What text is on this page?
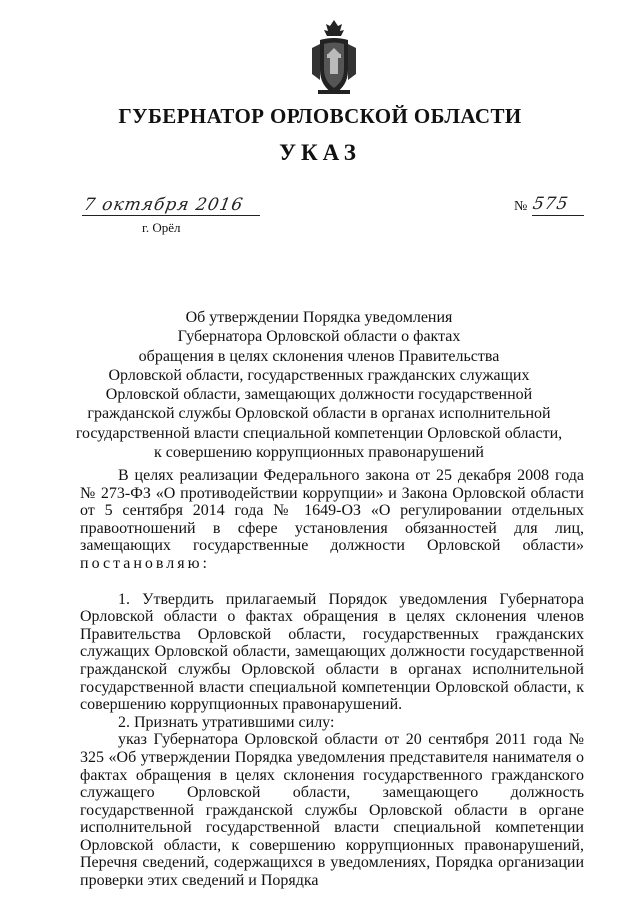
ГУБЕРНАТОР ОРЛОВСКОЙ ОБЛАСТИ
УКАЗ
7 октября 2016
г. Орёл
№ 575
Об утверждении Порядка уведомления
Губернатора Орловской области о фактах
обращения в целях склонения членов Правительства
Орловской области, государственных гражданских служащих
Орловской области, замещающих должности государственной
гражданской службы Орловской области в органах исполнительной
государственной власти специальной компетенции Орловской области,
к совершению коррупционных правонарушений

В целях реализации Федерального закона от 25 декабря 2008 года № 273-ФЗ «О противодействии коррупции» и Закона Орловской области от 5 сентября 2014 года № 1649-ОЗ «О регулировании отдельных правоотношений в сфере установления обязанностей для лиц, замещающих государственные должности Орловской области» постановляю:

1. Утвердить прилагаемый Порядок уведомления Губернатора Орловской области о фактах обращения в целях склонения членов Правительства Орловской области, государственных гражданских служащих Орловской области, замещающих должности государственной гражданской службы Орловской области в органах исполнительной государственной власти специальной компетенции Орловской области, к совершению коррупционных правонарушений.

2. Признать утратившими силу:

указ Губернатора Орловской области от 20 сентября 2011 года № 325 «Об утверждении Порядка уведомления представителя нанимателя о фактах обращения в целях склонения государственного гражданского служащего Орловской области, замещающего должность государственной гражданской службы Орловской области в органе исполнительной государственной власти специальной компетенции Орловской области, к совершению коррупционных правонарушений, Перечня сведений, содержащихся в уведомлениях, Порядка организации проверки этих сведений и Порядка
